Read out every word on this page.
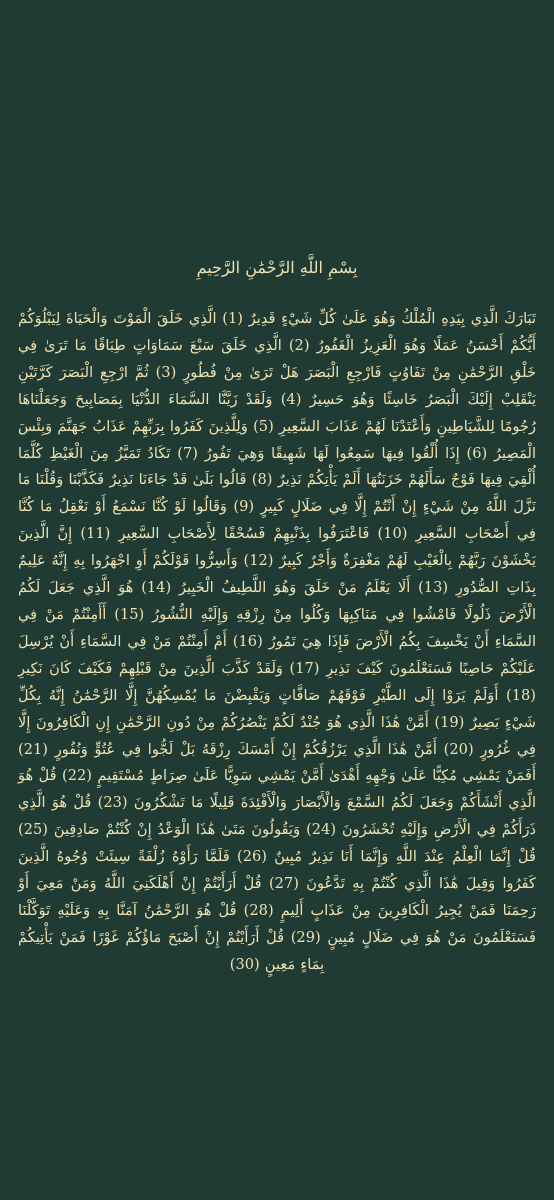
بِسْمِ اللَّهِ الرَّحْمَٰنِ الرَّحِيمِ

تَبَارَكَ الَّذِي بِيَدِهِ الْمُلْكُ وَهُوَ عَلَىٰ كُلِّ شَيْءٍ قَدِيرٌ (1) الَّذِي خَلَقَ الْمَوْتَ وَالْحَيَاةَ لِيَبْلُوَكُمْ أَيُّكُمْ أَحْسَنُ عَمَلًا وَهُوَ الْعَزِيزُ الْغَفُورُ (2) الَّذِي خَلَقَ سَبْعَ سَمَاوَاتٍ طِبَاقًا مَا تَرَىٰ فِي خَلْقِ الرَّحْمَٰنِ مِنْ تَفَاوُتٍ فَارْجِعِ الْبَصَرَ هَلْ تَرَىٰ مِنْ فُطُورٍ (3) ثُمَّ ارْجِعِ الْبَصَرَ كَرَّتَيْنِ يَنْقَلِبْ إِلَيْكَ الْبَصَرُ خَاسِئًا وَهُوَ حَسِيرٌ (4) وَلَقَدْ زَيَّنَّا السَّمَاءَ الدُّنْيَا بِمَصَابِيحَ وَجَعَلْنَاهَا رُجُومًا لِلشَّيَاطِينِ وَأَعْتَدْنَا لَهُمْ عَذَابَ السَّعِيرِ (5) وَلِلَّذِينَ كَفَرُوا بِرَبِّهِمْ عَذَابُ جَهَنَّمَ وَبِئْسَ الْمَصِيرُ (6) إِذَا أُلْقُوا فِيهَا سَمِعُوا لَهَا شَهِيقًا وَهِيَ تَفُورُ (7) تَكَادُ تَمَيَّزُ مِنَ الْغَيْظِ كُلَّمَا أُلْقِيَ فِيهَا فَوْجٌ سَأَلَهُمْ خَزَنَتُهَا أَلَمْ يَأْتِكُمْ نَذِيرٌ (8) قَالُوا بَلَىٰ قَدْ جَاءَنَا نَذِيرٌ فَكَذَّبْنَا وَقُلْنَا مَا نَزَّلَ اللَّهُ مِنْ شَيْءٍ إِنْ أَنْتُمْ إِلَّا فِي ضَلَالٍ كَبِيرٍ (9) وَقَالُوا لَوْ كُنَّا نَسْمَعُ أَوْ نَعْقِلُ مَا كُنَّا فِي أَصْحَابِ السَّعِيرِ (10) فَاعْتَرَفُوا بِذَنْبِهِمْ فَسُحْقًا لِأَصْحَابِ السَّعِيرِ (11) إِنَّ الَّذِينَ يَخْشَوْنَ رَبَّهُمْ بِالْغَيْبِ لَهُمْ مَغْفِرَةٌ وَأَجْرٌ كَبِيرٌ (12) وَأَسِرُّوا قَوْلَكُمْ أَوِ اجْهَرُوا بِهِ إِنَّهُ عَلِيمٌ بِذَاتِ الصُّدُورِ (13) أَلَا يَعْلَمُ مَنْ خَلَقَ وَهُوَ اللَّطِيفُ الْخَبِيرُ (14) هُوَ الَّذِي جَعَلَ لَكُمُ الْأَرْضَ ذَلُولًا فَامْشُوا فِي مَنَاكِبِهَا وَكُلُوا مِنْ رِزْقِهِ وَإِلَيْهِ النُّشُورُ (15) أَأَمِنْتُمْ مَنْ فِي السَّمَاءِ أَنْ يَخْسِفَ بِكُمُ الْأَرْضَ فَإِذَا هِيَ تَمُورُ (16) أَمْ أَمِنْتُمْ مَنْ فِي السَّمَاءِ أَنْ يُرْسِلَ عَلَيْكُمْ حَاصِبًا فَسَتَعْلَمُونَ كَيْفَ نَذِيرِ (17) وَلَقَدْ كَذَّبَ الَّذِينَ مِنْ قَبْلِهِمْ فَكَيْفَ كَانَ نَكِيرِ (18) أَوَلَمْ يَرَوْا إِلَى الطَّيْرِ فَوْقَهُمْ صَافَّاتٍ وَيَقْبِضْنَ مَا يُمْسِكُهُنَّ إِلَّا الرَّحْمَٰنُ إِنَّهُ بِكُلِّ شَيْءٍ بَصِيرٌ (19) أَمَّنْ هَٰذَا الَّذِي هُوَ جُنْدٌ لَكُمْ يَنْصُرُكُمْ مِنْ دُونِ الرَّحْمَٰنِ إِنِ الْكَافِرُونَ إِلَّا فِي غُرُورٍ (20) أَمَّنْ هَٰذَا الَّذِي يَرْزُقُكُمْ إِنْ أَمْسَكَ رِزْقَهُ بَلْ لَجُّوا فِي عُتُوٍّ وَنُفُورٍ (21) أَفَمَنْ يَمْشِي مُكِبًّا عَلَىٰ وَجْهِهِ أَهْدَىٰ أَمَّنْ يَمْشِي سَوِيًّا عَلَىٰ صِرَاطٍ مُسْتَقِيمٍ (22) قُلْ هُوَ الَّذِي أَنْشَأَكُمْ وَجَعَلَ لَكُمُ السَّمْعَ وَالْأَبْصَارَ وَالْأَفْئِدَةَ قَلِيلًا مَا تَشْكُرُونَ (23) قُلْ هُوَ الَّذِي ذَرَأَكُمْ فِي الْأَرْضِ وَإِلَيْهِ تُحْشَرُونَ (24) وَيَقُولُونَ مَتَىٰ هَٰذَا الْوَعْدُ إِنْ كُنْتُمْ صَادِقِينَ (25) قُلْ إِنَّمَا الْعِلْمُ عِنْدَ اللَّهِ وَإِنَّمَا أَنَا نَذِيرٌ مُبِينٌ (26) فَلَمَّا رَأَوْهُ زُلْفَةً سِيئَتْ وُجُوهُ الَّذِينَ كَفَرُوا وَقِيلَ هَٰذَا الَّذِي كُنْتُمْ بِهِ تَدَّعُونَ (27) قُلْ أَرَأَيْتُمْ إِنْ أَهْلَكَنِيَ اللَّهُ وَمَنْ مَعِيَ أَوْ رَحِمَنَا فَمَنْ يُجِيرُ الْكَافِرِينَ مِنْ عَذَابٍ أَلِيمٍ (28) قُلْ هُوَ الرَّحْمَٰنُ آمَنَّا بِهِ وَعَلَيْهِ تَوَكَّلْنَا فَسَتَعْلَمُونَ مَنْ هُوَ فِي ضَلَالٍ مُبِينٍ (29) قُلْ أَرَأَيْتُمْ إِنْ أَصْبَحَ مَاؤُكُمْ غَوْرًا فَمَنْ يَأْتِيكُمْ بِمَاءٍ مَعِينٍ (30)
